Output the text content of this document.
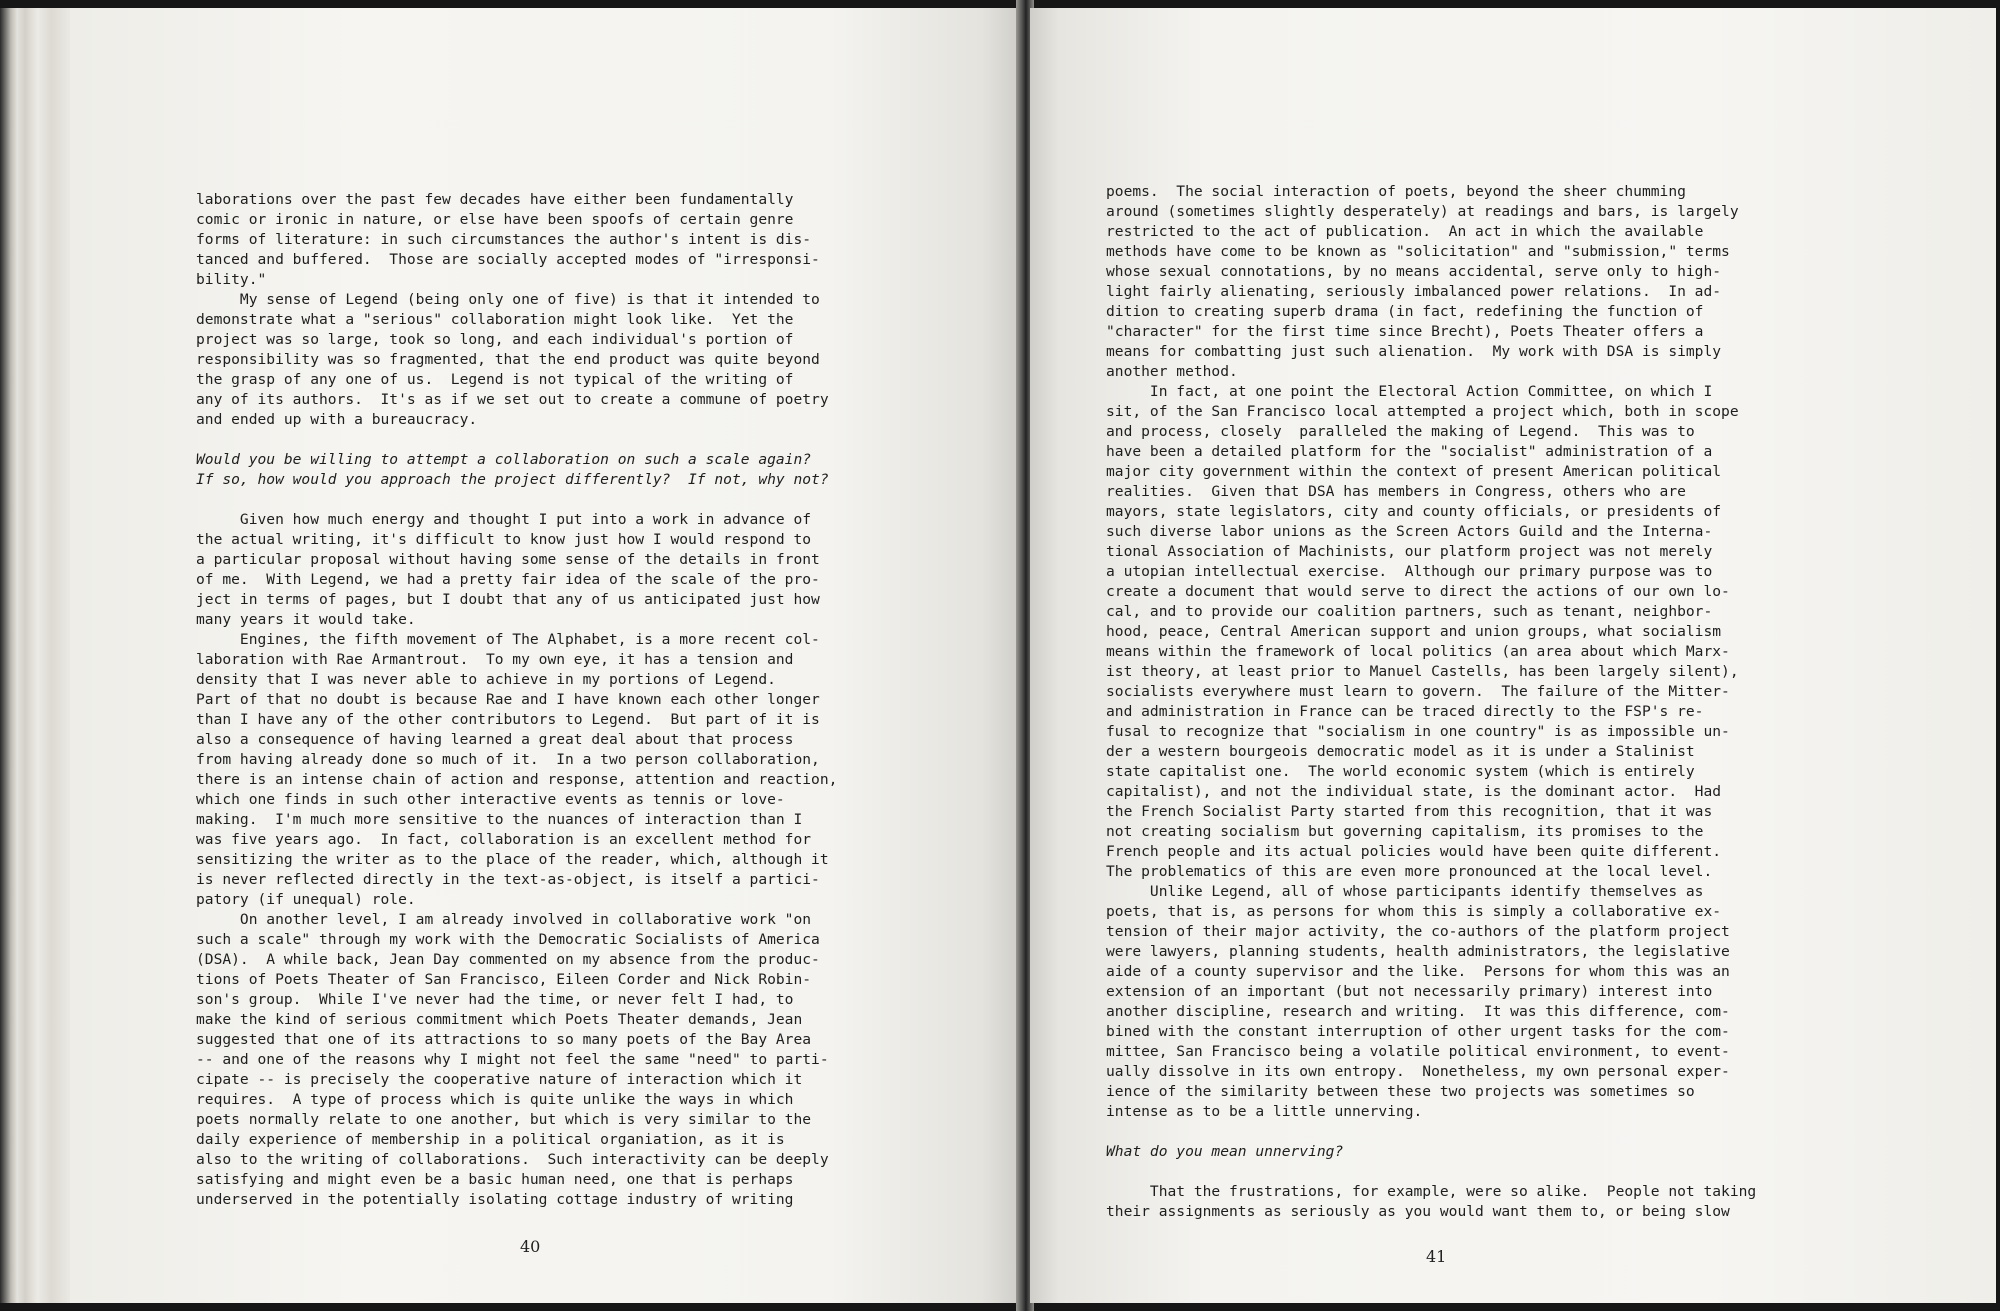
laborations over the past few decades have either been fundamentally
comic or ironic in nature, or else have been spoofs of certain genre
forms of literature: in such circumstances the author's intent is dis-
tanced and buffered.  Those are socially accepted modes of "irresponsi-
bility."
My sense of Legend (being only one of five) is that it intended to
demonstrate what a "serious" collaboration might look like.  Yet the
project was so large, took so long, and each individual's portion of
responsibility was so fragmented, that the end product was quite beyond
the grasp of any one of us.  Legend is not typical of the writing of
any of its authors.  It's as if we set out to create a commune of poetry
and ended up with a bureaucracy.

Would you be willing to attempt a collaboration on such a scale again?
If so, how would you approach the project differently?  If not, why not?

Given how much energy and thought I put into a work in advance of
the actual writing, it's difficult to know just how I would respond to
a particular proposal without having some sense of the details in front
of me.  With Legend, we had a pretty fair idea of the scale of the pro-
ject in terms of pages, but I doubt that any of us anticipated just how
many years it would take.
Engines, the fifth movement of The Alphabet, is a more recent col-
laboration with Rae Armantrout.  To my own eye, it has a tension and
density that I was never able to achieve in my portions of Legend.
Part of that no doubt is because Rae and I have known each other longer
than I have any of the other contributors to Legend.  But part of it is
also a consequence of having learned a great deal about that process
from having already done so much of it.  In a two person collaboration,
there is an intense chain of action and response, attention and reaction,
which one finds in such other interactive events as tennis or love-
making.  I'm much more sensitive to the nuances of interaction than I
was five years ago.  In fact, collaboration is an excellent method for
sensitizing the writer as to the place of the reader, which, although it
is never reflected directly in the text-as-object, is itself a partici-
patory (if unequal) role.
On another level, I am already involved in collaborative work "on
such a scale" through my work with the Democratic Socialists of America
(DSA).  A while back, Jean Day commented on my absence from the produc-
tions of Poets Theater of San Francisco, Eileen Corder and Nick Robin-
son's group.  While I've never had the time, or never felt I had, to
make the kind of serious commitment which Poets Theater demands, Jean
suggested that one of its attractions to so many poets of the Bay Area
-- and one of the reasons why I might not feel the same "need" to parti-
cipate -- is precisely the cooperative nature of interaction which it
requires.  A type of process which is quite unlike the ways in which
poets normally relate to one another, but which is very similar to the
daily experience of membership in a political organiation, as it is
also to the writing of collaborations.  Such interactivity can be deeply
satisfying and might even be a basic human need, one that is perhaps
underserved in the potentially isolating cottage industry of writing

40
poems.  The social interaction of poets, beyond the sheer chumming
around (sometimes slightly desperately) at readings and bars, is largely
restricted to the act of publication.  An act in which the available
methods have come to be known as "solicitation" and "submission," terms
whose sexual connotations, by no means accidental, serve only to high-
light fairly alienating, seriously imbalanced power relations.  In ad-
dition to creating superb drama (in fact, redefining the function of
"character" for the first time since Brecht), Poets Theater offers a
means for combatting just such alienation.  My work with DSA is simply
another method.
In fact, at one point the Electoral Action Committee, on which I
sit, of the San Francisco local attempted a project which, both in scope
and process, closely  paralleled the making of Legend.  This was to
have been a detailed platform for the "socialist" administration of a
major city government within the context of present American political
realities.  Given that DSA has members in Congress, others who are
mayors, state legislators, city and county officials, or presidents of
such diverse labor unions as the Screen Actors Guild and the Interna-
tional Association of Machinists, our platform project was not merely
a utopian intellectual exercise.  Although our primary purpose was to
create a document that would serve to direct the actions of our own lo-
cal, and to provide our coalition partners, such as tenant, neighbor-
hood, peace, Central American support and union groups, what socialism
means within the framework of local politics (an area about which Marx-
ist theory, at least prior to Manuel Castells, has been largely silent),
socialists everywhere must learn to govern.  The failure of the Mitter-
and administration in France can be traced directly to the FSP's re-
fusal to recognize that "socialism in one country" is as impossible un-
der a western bourgeois democratic model as it is under a Stalinist
state capitalist one.  The world economic system (which is entirely
capitalist), and not the individual state, is the dominant actor.  Had
the French Socialist Party started from this recognition, that it was
not creating socialism but governing capitalism, its promises to the
French people and its actual policies would have been quite different.
The problematics of this are even more pronounced at the local level.
Unlike Legend, all of whose participants identify themselves as
poets, that is, as persons for whom this is simply a collaborative ex-
tension of their major activity, the co-authors of the platform project
were lawyers, planning students, health administrators, the legislative
aide of a county supervisor and the like.  Persons for whom this was an
extension of an important (but not necessarily primary) interest into
another discipline, research and writing.  It was this difference, com-
bined with the constant interruption of other urgent tasks for the com-
mittee, San Francisco being a volatile political environment, to event-
ually dissolve in its own entropy.  Nonetheless, my own personal exper-
ience of the similarity between these two projects was sometimes so
intense as to be a little unnerving.

What do you mean unnerving?

That the frustrations, for example, were so alike.  People not taking
their assignments as seriously as you would want them to, or being slow

41
